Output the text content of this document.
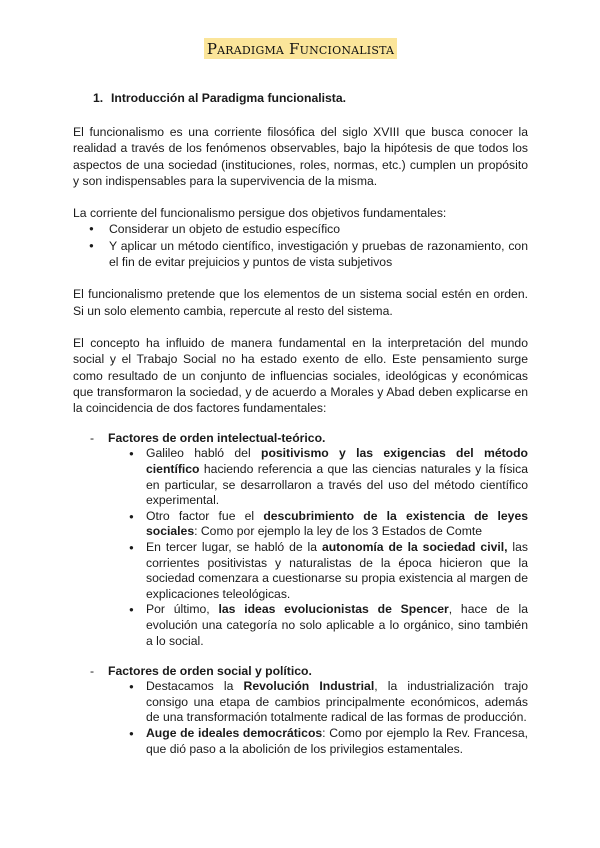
Paradigma Funcionalista
1. Introducción al Paradigma funcionalista.

El funcionalismo es una corriente filosófica del siglo XVIII que busca conocer la realidad a través de los fenómenos observables, bajo la hipótesis de que todos los aspectos de una sociedad (instituciones, roles, normas, etc.) cumplen un propósito y son indispensables para la supervivencia de la misma.

La corriente del funcionalismo persigue dos objetivos fundamentales:

● Considerar un objeto de estudio específico
● Y aplicar un método científico, investigación y pruebas de razonamiento, con el fin de evitar prejuicios y puntos de vista subjetivos

El funcionalismo pretende que los elementos de un sistema social estén en orden. Si un solo elemento cambia, repercute al resto del sistema.

El concepto ha influido de manera fundamental en la interpretación del mundo social y el Trabajo Social no ha estado exento de ello. Este pensamiento surge como resultado de un conjunto de influencias sociales, ideológicas y económicas que transformaron la sociedad, y de acuerdo a Morales y Abad deben explicarse en la coincidencia de dos factores fundamentales:

- Factores de orden intelectual-teórico.
● Galileo habló del positivismo y las exigencias del método científico haciendo referencia a que las ciencias naturales y la física en particular, se desarrollaron a través del uso del método científico experimental.
● Otro factor fue el descubrimiento de la existencia de leyes sociales: Como por ejemplo la ley de los 3 Estados de Comte
● En tercer lugar, se habló de la autonomía de la sociedad civil, las corrientes positivistas y naturalistas de la época hicieron que la sociedad comenzara a cuestionarse su propia existencia al margen de explicaciones teleológicas.
● Por último, las ideas evolucionistas de Spencer, hace de la evolución una categoría no solo aplicable a lo orgánico, sino también a lo social.
- Factores de orden social y político.
● Destacamos la Revolución Industrial, la industrialización trajo consigo una etapa de cambios principalmente económicos, además de una transformación totalmente radical de las formas de producción.
● Auge de ideales democráticos: Como por ejemplo la Rev. Francesa, que dió paso a la abolición de los privilegios estamentales.
